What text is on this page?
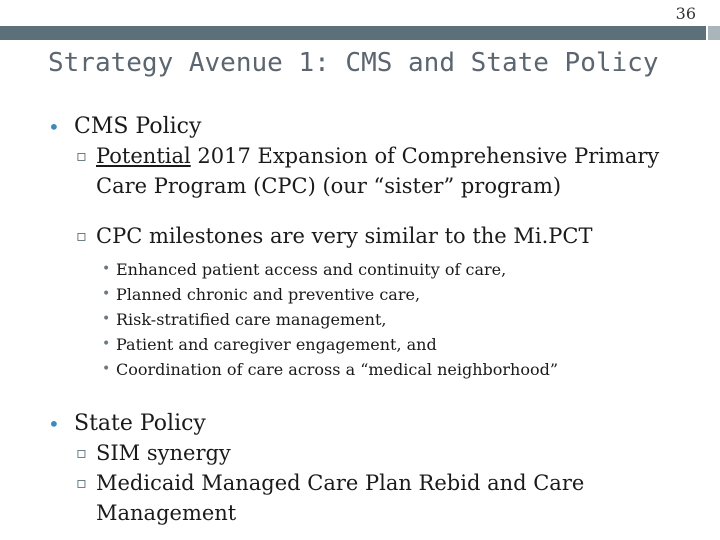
36
Strategy Avenue 1: CMS and State Policy
• CMS Policy
▫ Potential 2017 Expansion of Comprehensive Primary Care Program (CPC) (our “sister” program)
▫ CPC milestones are very similar to the Mi.PCT
• Enhanced patient access and continuity of care,
• Planned chronic and preventive care,
• Risk-stratified care management,
• Patient and caregiver engagement, and
• Coordination of care across a “medical neighborhood”
• State Policy
▫ SIM synergy
▫ Medicaid Managed Care Plan Rebid and Care Management
